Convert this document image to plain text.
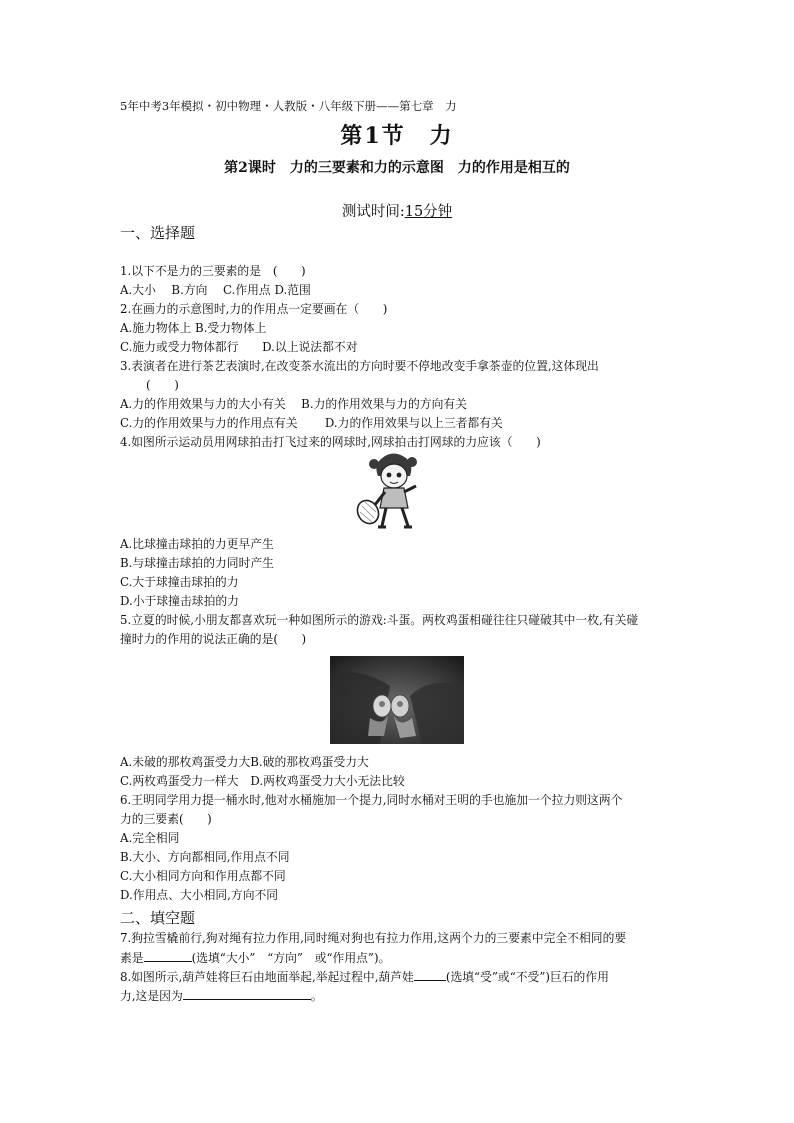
5年中考3年模拟・初中物理・人教版・八年级下册——第七章　力
第1节　力
第2课时　力的三要素和力的示意图　力的作用是相互的
测试时间:15分钟
一、选择题
1.以下不是力的三要素的是　(　　)
A.大小　 B.方向　 C.作用点 D.范围
2.在画力的示意图时,力的作用点一定要画在（　　)
A.施力物体上 B.受力物体上
C.施力或受力物体都行　　D.以上说法都不对
3.表演者在进行茶艺表演时,在改变茶水流出的方向时要不停地改变手拿茶壶的位置,这体现出
(　　)
A.力的作用效果与力的大小有关　 B.力的作用效果与力的方向有关
C.力的作用效果与力的作用点有关　　 D.力的作用效果与以上三者都有关
4.如图所示运动员用网球拍击打飞过来的网球时,网球拍击打网球的力应该（　　)
A.比球撞击球拍的力更早产生
B.与球撞击球拍的力同时产生
C.大于球撞击球拍的力
D.小于球撞击球拍的力
5.立夏的时候,小朋友都喜欢玩一种如图所示的游戏:斗蛋。两枚鸡蛋相碰往往只碰破其中一枚,有关碰
撞时力的作用的说法正确的是(　　)
A.未破的那枚鸡蛋受力大B.破的那枚鸡蛋受力大
C.两枚鸡蛋受力一样大　D.两枚鸡蛋受力大小无法比较
6.王明同学用力提一桶水时,他对水桶施加一个提力,同时水桶对王明的手也施加一个拉力则这两个
力的三要素(　　)
A.完全相同
B.大小、方向都相同,作用点不同
C.大小相同方向和作用点都不同
D.作用点、大小相同,方向不同
二、填空题
7.狗拉雪橇前行,狗对绳有拉力作用,同时绳对狗也有拉力作用,这两个力的三要素中完全不相同的要
素是	(选填“大小”　“方向”　或“作用点”)。
8.如图所示,葫芦娃将巨石由地面举起,举起过程中,葫芦娃	(选填“受”或“不受”)巨石的作用
力,这是因为	。
